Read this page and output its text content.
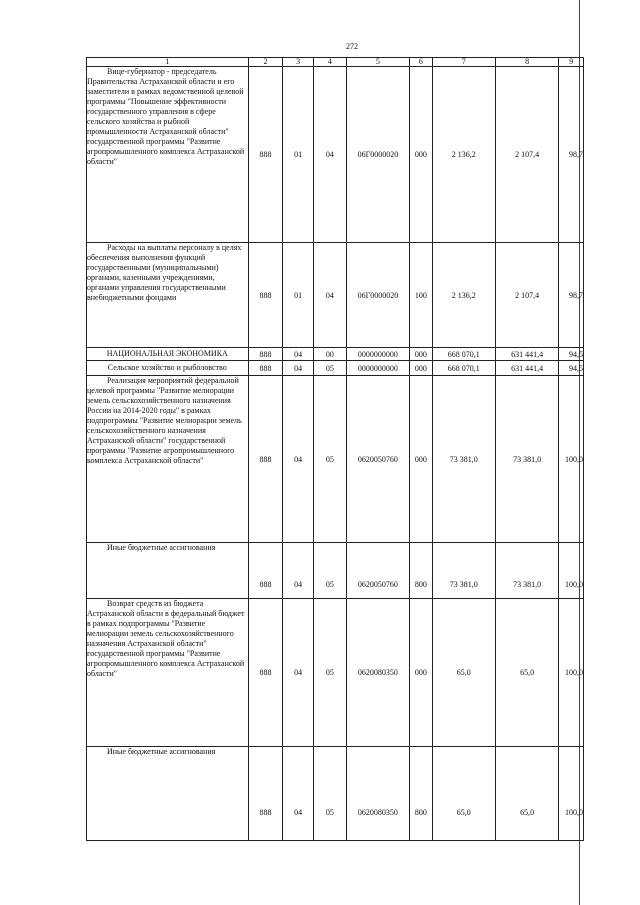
272
1	2	3	4	5	6	7	8	9
Вице-губернатор - председатель Правительства Астраханской области и его заместители в рамках ведомственной целевой программы "Повышение эффективности государственного управления в сфере сельского хозяйства и рыбной промышленности Астраханской области" государственной программы "Развитие агропромышленного комплекса Астраханской области"	888	01	04	06Г0000020	000	2 136,2	2 107,4	98,7
Расходы на выплаты персоналу в целях обеспечения выполнения функций государственными (муниципальными) органами, казенными учреждениями, органами управления государственными внебюджетными фондами	888	01	04	06Г0000020	100	2 136,2	2 107,4	98,7
НАЦИОНАЛЬНАЯ ЭКОНОМИКА	888	04	00	0000000000	000	668 070,1	631 441,4	94,5
Сельское хозяйство и рыболовство	888	04	05	0000000000	000	668 070,1	631 441,4	94,5
Реализация мероприятий федеральной целевой программы "Развитие мелиорации земель сельскохозяйственного назначения России на 2014-2020 годы" в рамках подпрограммы "Развитие мелиорации земель сельскохозяйственного назначения Астраханской области" государственной программы "Развитие агропромышленного комплекса Астраханской области"	888	04	05	0620050760	000	73 381,0	73 381,0	100,0
Иные бюджетные ассигнования	888	04	05	0620050760	800	73 381,0	73 381,0	100,0
Возврат средств из бюджета Астраханской области в федеральный бюджет в рамках подпрограммы "Развитие мелиорации земель сельскохозяйственного назначения Астраханской области" государственной программы "Развитие агропромышленного комплекса Астраханской области"	888	04	05	0620080350	000	65,0	65,0	100,0
Иные бюджетные ассигнования	888	04	05	0620080350	800	65,0	65,0	100,0
